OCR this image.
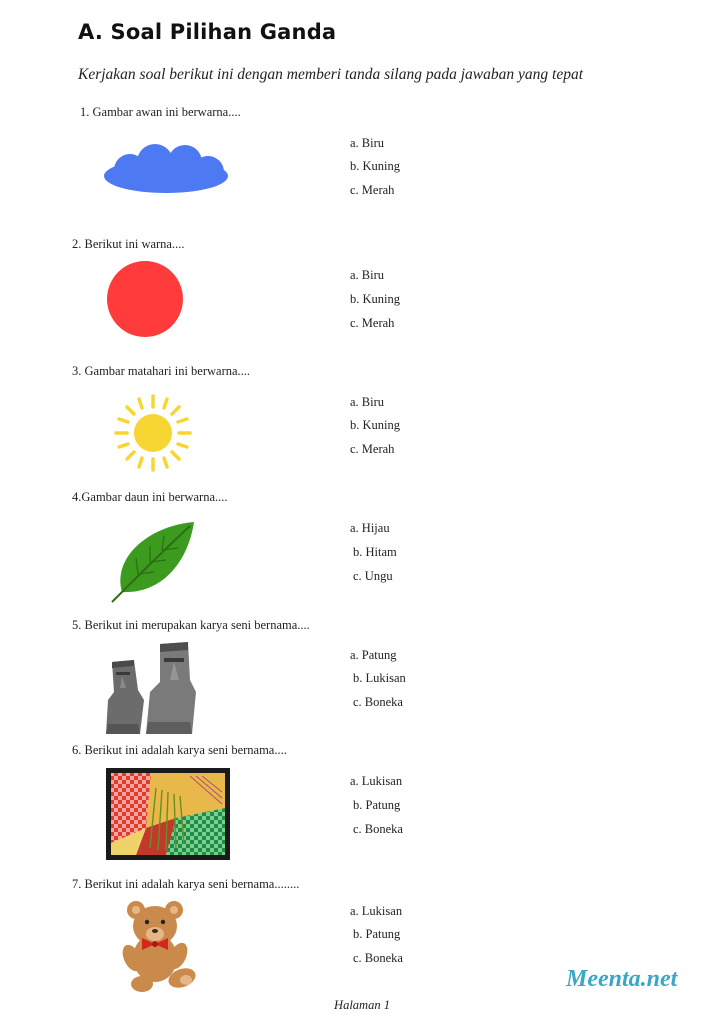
A. Soal Pilihan Ganda
Kerjakan soal berikut ini dengan memberi tanda silang pada jawaban yang tepat
1. Gambar awan ini berwarna....
a. Biru
b. Kuning
c. Merah
2. Berikut ini warna....
a. Biru
b. Kuning
c. Merah
3. Gambar matahari ini berwarna....
a. Biru
b. Kuning
c. Merah
4.Gambar daun ini berwarna....
a. Hijau
b. Hitam
c. Ungu
5. Berikut ini merupakan karya seni bernama....
a. Patung
b. Lukisan
c. Boneka
6. Berikut ini adalah karya seni bernama....
a. Lukisan
b. Patung
c. Boneka
7. Berikut ini adalah karya seni bernama........
a. Lukisan
b. Patung
c. Boneka
Meenta.net
Halaman 1
